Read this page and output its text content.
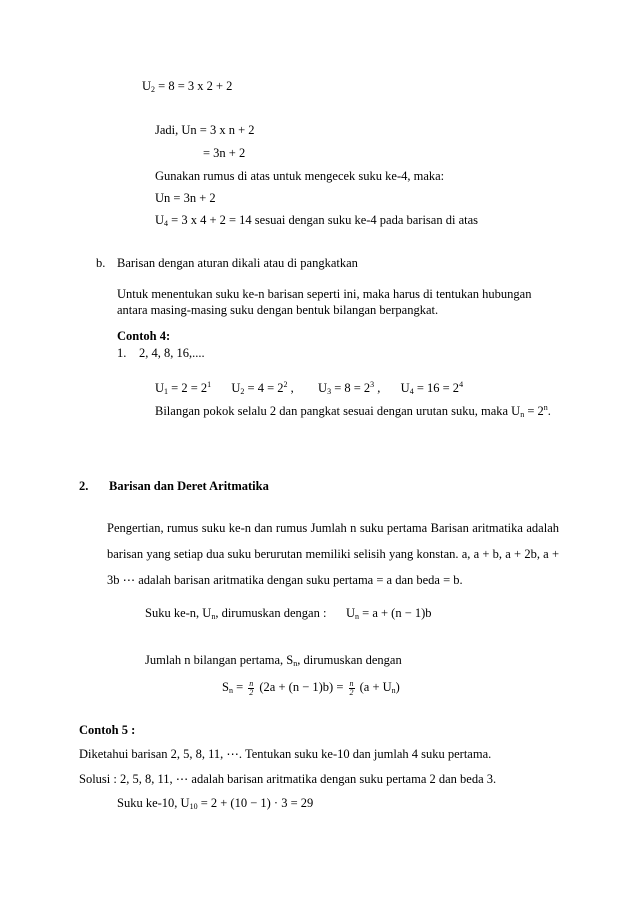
$U_2 = 8 = 3$ x 2 + 2
Jadi, Un = 3 x n + 2
= 3n + 2
Gunakan rumus di atas untuk mengecek suku ke-4, maka:
Un = 3n + 2
$U_4 = 3$ x 4 + 2 = 14 sesuai dengan suku ke-4 pada barisan di atas
b. Barisan dengan aturan dikali atau di pangkatkan
Untuk menentukan suku ke-n barisan seperti ini, maka harus di tentukan hubungan
antara masing-masing suku dengan bentuk bilangan berpangkat.
Contoh 4:
1. 2, 4, 8, 16,....
$U_1 = 2 = 2^1$ $U_2 = 4 = 2^2$ , $U_3 = 8 = 2^3$ , $U_4 = 16 = 2^4$
Bilangan pokok selalu 2 dan pangkat sesuai dengan urutan suku, maka $U_n = 2^n$.
2. Barisan dan Deret Aritmatika
Pengertian, rumus suku ke-n dan rumus Jumlah n suku pertama Barisan aritmatika adalah barisan yang setiap dua suku berurutan memiliki selisih yang konstan. a, a + b, a + 2b, a + 3b ⋯ adalah barisan aritmatika dengan suku pertama = a dan beda = b.
Suku ke-n, $U_n$, dirumuskan dengan : $U_n = a + (n - 1)b$
Jumlah n bilangan pertama, $S_n$, dirumuskan dengan
$S_n = \frac{n}{2} (2a + (n - 1)b) = \frac{n}{2} (a + U_n)$
Contoh 5 :
Diketahui barisan 2, 5, 8, 11, ⋯. Tentukan suku ke-10 dan jumlah 4 suku pertama.
Solusi : 2, 5, 8, 11, ⋯ adalah barisan aritmatika dengan suku pertama 2 dan beda 3.
Suku ke-10, $U_{10} = 2 + (10 - 1) \cdot 3 = 29$
